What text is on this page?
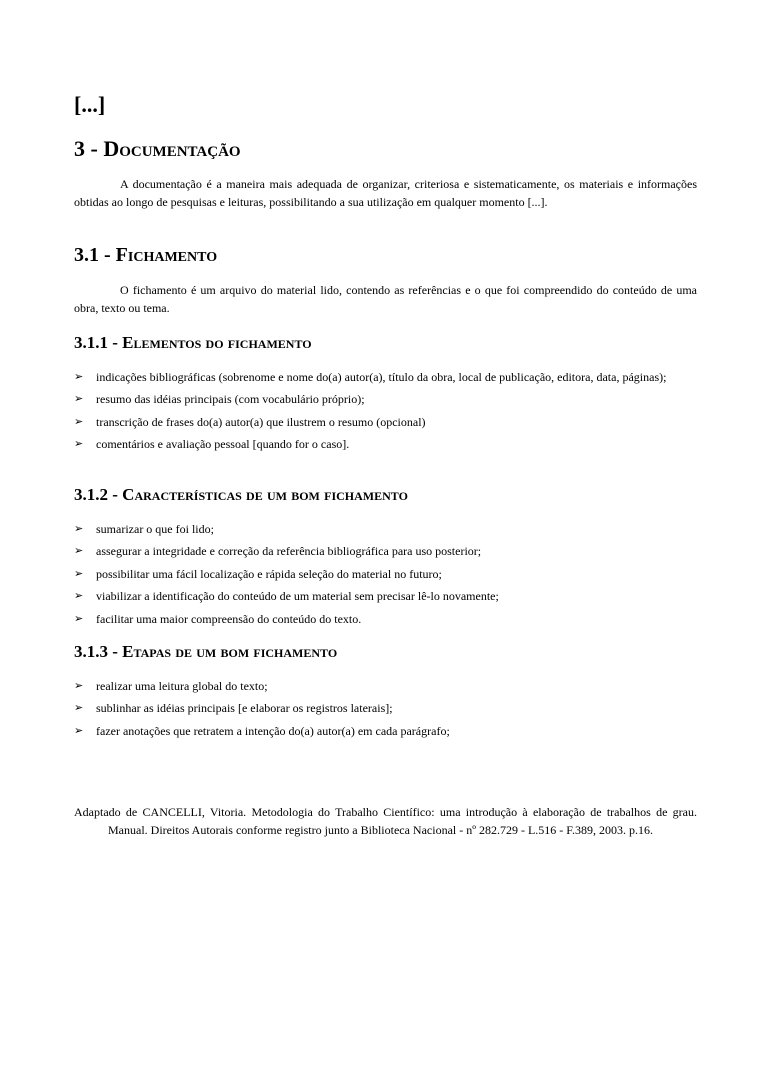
[...]
3 - Documentação

A documentação é a maneira mais adequada de organizar, criteriosa e sistematicamente, os materiais e informações obtidas ao longo de pesquisas e leituras, possibilitando a sua utilização em qualquer momento [...].

3.1 - Fichamento

O fichamento é um arquivo do material lido, contendo as referências e o que foi compreendido do conteúdo de uma obra, texto ou tema.

3.1.1 - Elementos do fichamento
➢ indicações bibliográficas (sobrenome e nome do(a) autor(a), título da obra, local de publicação, editora, data, páginas);
➢ resumo das idéias principais (com vocabulário próprio);
➢ transcrição de frases do(a) autor(a) que ilustrem o resumo (opcional)
➢ comentários e avaliação pessoal [quando for o caso].
3.1.2 - Características de um bom fichamento
➢ sumarizar o que foi lido;
➢ assegurar a integridade e correção da referência bibliográfica para uso posterior;
➢ possibilitar uma fácil localização e rápida seleção do material no futuro;
➢ viabilizar a identificação do conteúdo de um material sem precisar lê-lo novamente;
➢ facilitar uma maior compreensão do conteúdo do texto.
3.1.3 - Etapas de um bom fichamento
➢ realizar uma leitura global do texto;
➢ sublinhar as idéias principais [e elaborar os registros laterais];
➢ fazer anotações que retratem a intenção do(a) autor(a) em cada parágrafo;

Adaptado de CANCELLI, Vitoria. Metodologia do Trabalho Científico: uma introdução à elaboração de trabalhos de grau. Manual. Direitos Autorais conforme registro junto a Biblioteca Nacional - nº 282.729 - L.516 - F.389, 2003. p.16.
